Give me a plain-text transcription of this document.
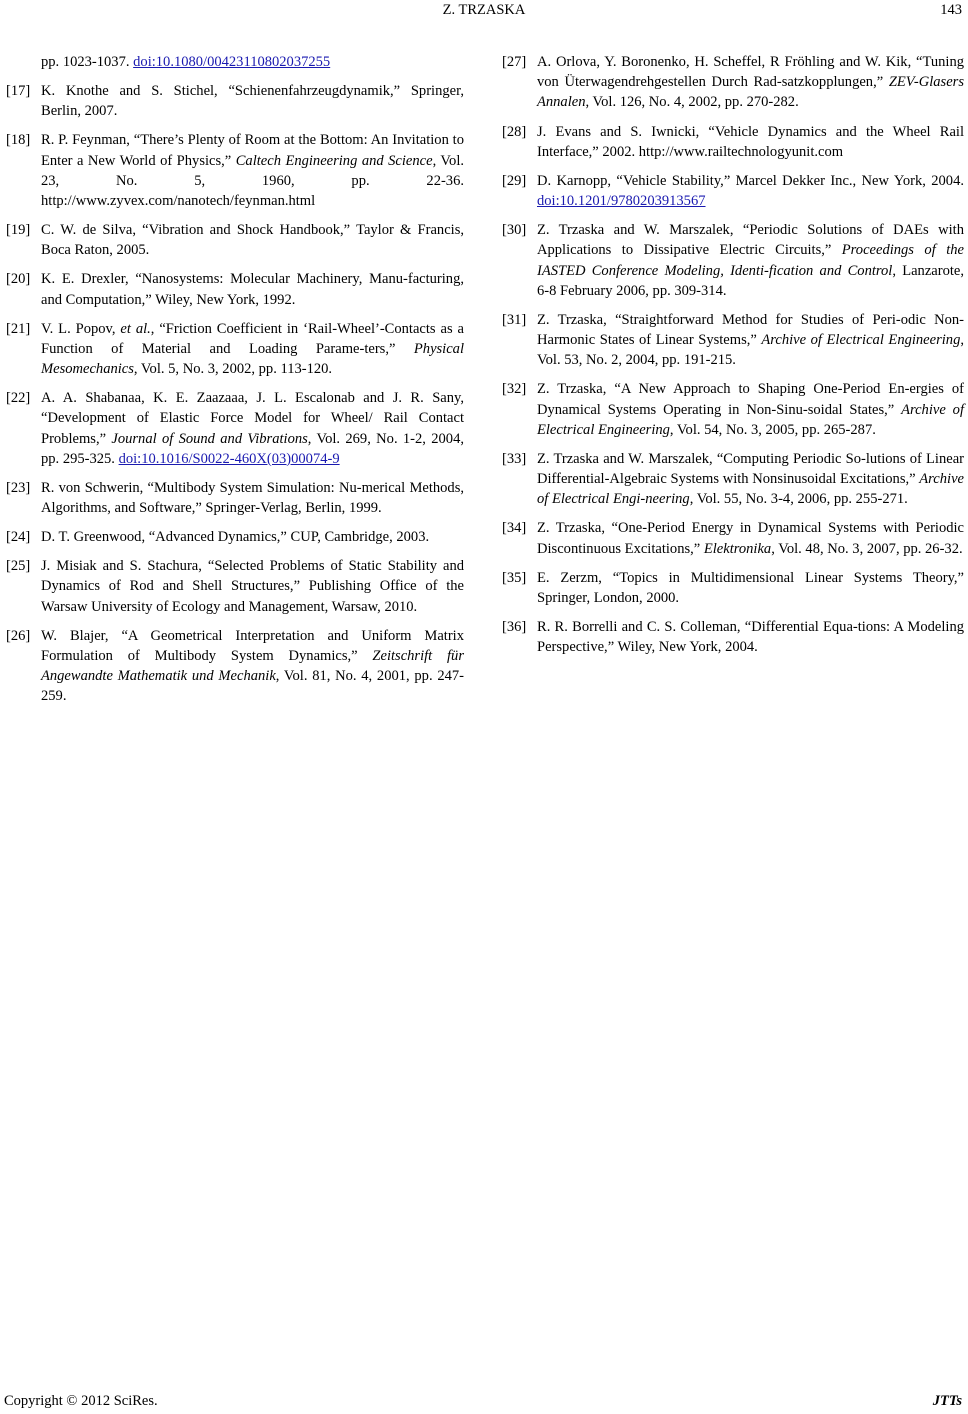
Z. TRZASKA	143
pp. 1023-1037. doi:10.1080/00423110802037255
[17] K. Knothe and S. Stichel, “Schienenfahrzeugdynamik,” Springer, Berlin, 2007.
[18] R. P. Feynman, “There’s Plenty of Room at the Bottom: An Invitation to Enter a New World of Physics,” Caltech Engineering and Science, Vol. 23, No. 5, 1960, pp. 22-36. http://www.zyvex.com/nanotech/feynman.html
[19] C. W. de Silva, “Vibration and Shock Handbook,” Taylor & Francis, Boca Raton, 2005.
[20] K. E. Drexler, “Nanosystems: Molecular Machinery, Manu-facturing, and Computation,” Wiley, New York, 1992.
[21] V. L. Popov, et al., “Friction Coefficient in ‘Rail-Wheel’-Contacts as a Function of Material and Loading Parame-ters,” Physical Mesomechanics, Vol. 5, No. 3, 2002, pp. 113-120.
[22] A. A. Shabanaa, K. E. Zaazaaa, J. L. Escalonab and J. R. Sany, “Development of Elastic Force Model for Wheel/ Rail Contact Problems,” Journal of Sound and Vibrations, Vol. 269, No. 1-2, 2004, pp. 295-325. doi:10.1016/S0022-460X(03)00074-9
[23] R. von Schwerin, “Multibody System Simulation: Nu-merical Methods, Algorithms, and Software,” Springer-Verlag, Berlin, 1999.
[24] D. T. Greenwood, “Advanced Dynamics,” CUP, Cambridge, 2003.
[25] J. Misiak and S. Stachura, “Selected Problems of Static Stability and Dynamics of Rod and Shell Structures,” Publishing Office of the Warsaw University of Ecology and Management, Warsaw, 2010.
[26] W. Blajer, “A Geometrical Interpretation and Uniform Matrix Formulation of Multibody System Dynamics,” Zeitschrift für Angewandte Mathematik und Mechanik, Vol. 81, No. 4, 2001, pp. 247-259.
[27] A. Orlova, Y. Boronenko, H. Scheffel, R Fröhling and W. Kik, “Tuning von Üterwagendrehgestellen Durch Rad-satzkopplungen,” ZEV-Glasers Annalen, Vol. 126, No. 4, 2002, pp. 270-282.
[28] J. Evans and S. Iwnicki, “Vehicle Dynamics and the Wheel Rail Interface,” 2002. http://www.railtechnologyunit.com
[29] D. Karnopp, “Vehicle Stability,” Marcel Dekker Inc., New York, 2004. doi:10.1201/9780203913567
[30] Z. Trzaska and W. Marszalek, “Periodic Solutions of DAEs with Applications to Dissipative Electric Circuits,” Proceedings of the IASTED Conference Modeling, Identi-fication and Control, Lanzarote, 6-8 February 2006, pp. 309-314.
[31] Z. Trzaska, “Straightforward Method for Studies of Peri-odic Non-Harmonic States of Linear Systems,” Archive of Electrical Engineering, Vol. 53, No. 2, 2004, pp. 191-215.
[32] Z. Trzaska, “A New Approach to Shaping One-Period En-ergies of Dynamical Systems Operating in Non-Sinu-soidal States,” Archive of Electrical Engineering, Vol. 54, No. 3, 2005, pp. 265-287.
[33] Z. Trzaska and W. Marszalek, “Computing Periodic So-lutions of Linear Differential-Algebraic Systems with Nonsinusoidal Excitations,” Archive of Electrical Engi-neering, Vol. 55, No. 3-4, 2006, pp. 255-271.
[34] Z. Trzaska, “One-Period Energy in Dynamical Systems with Periodic Discontinuous Excitations,” Elektronika, Vol. 48, No. 3, 2007, pp. 26-32.
[35] E. Zerzm, “Topics in Multidimensional Linear Systems Theory,” Springer, London, 2000.
[36] R. R. Borrelli and C. S. Colleman, “Differential Equa-tions: A Modeling Perspective,” Wiley, New York, 2004.
Copyright © 2012 SciRes.	JTTs
